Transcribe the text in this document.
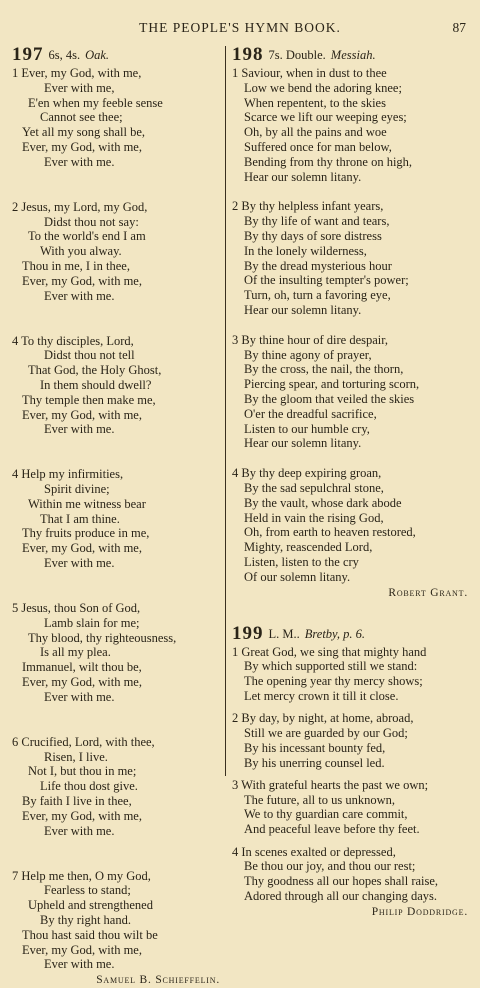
THE PEOPLE'S HYMN BOOK.	87
197 6s, 4s. Oak.
1 Ever, my God, with me,
Ever with me,
E'en when my feeble sense
Cannot see thee;
Yet all my song shall be,
Ever, my God, with me,
Ever with me.
2 Jesus, my Lord, my God,
Didst thou not say:
To the world's end I am
With you alway.
Thou in me, I in thee,
Ever, my God, with me,
Ever with me.
4 To thy disciples, Lord,
Didst thou not tell
That God, the Holy Ghost,
In them should dwell?
Thy temple then make me,
Ever, my God, with me,
Ever with me.
4 Help my infirmities,
Spirit divine;
Within me witness bear
That I am thine.
Thy fruits produce in me,
Ever, my God, with me,
Ever with me.
5 Jesus, thou Son of God,
Lamb slain for me;
Thy blood, thy righteousness,
Is all my plea.
Immanuel, wilt thou be,
Ever, my God, with me,
Ever with me.
6 Crucified, Lord, with thee,
Risen, I live.
Not I, but thou in me;
Life thou dost give.
By faith I live in thee,
Ever, my God, with me,
Ever with me.
7 Help me then, O my God,
Fearless to stand;
Upheld and strengthened
By thy right hand.
Thou hast said thou wilt be
Ever, my God, with me,
Ever with me.
Samuel B. Schieffelin.
198 7s. Double. Messiah.
1 Saviour, when in dust to thee
Low we bend the adoring knee;
When repentent, to the skies
Scarce we lift our weeping eyes;
Oh, by all the pains and woe
Suffered once for man below,
Bending from thy throne on high,
Hear our solemn litany.
2 By thy helpless infant years,
By thy life of want and tears,
By thy days of sore distress
In the lonely wilderness,
By the dread mysterious hour
Of the insulting tempter's power;
Turn, oh, turn a favoring eye,
Hear our solemn litany.
3 By thine hour of dire despair,
By thine agony of prayer,
By the cross, the nail, the thorn,
Piercing spear, and torturing scorn,
By the gloom that veiled the skies
O'er the dreadful sacrifice,
Listen to our humble cry,
Hear our solemn litany.
4 By thy deep expiring groan,
By the sad sepulchral stone,
By the vault, whose dark abode
Held in vain the rising God,
Oh, from earth to heaven restored,
Mighty, reascended Lord,
Listen, listen to the cry
Of our solemn litany.
Robert Grant.
199 L. M.. Bretby, p. 6.
1 Great God, we sing that mighty hand
By which supported still we stand:
The opening year thy mercy shows;
Let mercy crown it till it close.
2 By day, by night, at home, abroad,
Still we are guarded by our God;
By his incessant bounty fed,
By his unerring counsel led.
3 With grateful hearts the past we own;
The future, all to us unknown,
We to thy guardian care commit,
And peaceful leave before thy feet.
4 In scenes exalted or depressed,
Be thou our joy, and thou our rest;
Thy goodness all our hopes shall raise,
Adored through all our changing days.
Philip Doddridge.
